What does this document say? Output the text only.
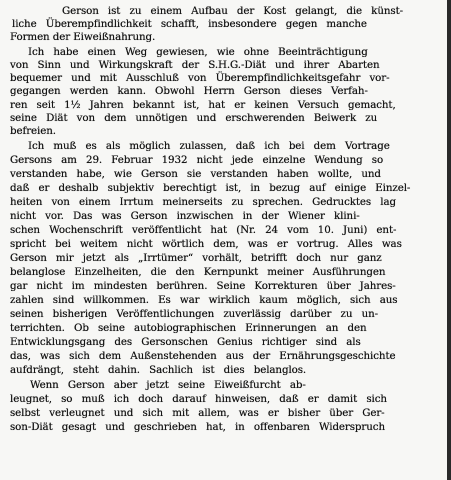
Gerson ist zu einem Aufbau der Kost gelangt, die künst-
liche Überempfindlichkeit schafft, insbesondere gegen manche
Formen der Eiweißnahrung.
Ich habe einen Weg gewiesen, wie ohne Beeinträchtigung
von Sinn und Wirkungskraft der S.H.G.-Diät und ihrer Abarten
bequemer und mit Ausschluß von Überempfindlichkeitsgefahr vor-
gegangen werden kann. Obwohl Herrn Gerson dieses Verfah-
ren seit 1½ Jahren bekannt ist, hat er keinen Versuch gemacht,
seine Diät von dem unnötigen und erschwerenden Beiwerk zu
befreien.
Ich muß es als möglich zulassen, daß ich bei dem Vortrage
Gersons am 29. Februar 1932 nicht jede einzelne Wendung so
verstanden habe, wie Gerson sie verstanden haben wollte, und
daß er deshalb subjektiv berechtigt ist, in bezug auf einige Einzel-
heiten von einem Irrtum meinerseits zu sprechen. Gedrucktes lag
nicht vor. Das was Gerson inzwischen in der Wiener klini-
schen Wochenschrift veröffentlicht hat (Nr. 24 vom 10. Juni) ent-
spricht bei weitem nicht wörtlich dem, was er vortrug. Alles was
Gerson mir jetzt als „Irrtümer“ vorhält, betrifft doch nur ganz
belanglose Einzelheiten, die den Kernpunkt meiner Ausführungen
gar nicht im mindesten berühren. Seine Korrekturen über Jahres-
zahlen sind willkommen. Es war wirklich kaum möglich, sich aus
seinen bisherigen Veröffentlichungen zuverlässig darüber zu un-
terrichten. Ob seine autobiographischen Erinnerungen an den
Entwicklungsgang des Gersonschen Genius richtiger sind als
das, was sich dem Außenstehenden aus der Ernährungsgeschichte
aufdrängt, steht dahin. Sachlich ist dies belanglos.
Wenn Gerson aber jetzt seine Eiweißfurcht ab-
leugnet, so muß ich doch darauf hinweisen, daß er damit sich
selbst verleugnet und sich mit allem, was er bisher über Ger-
son-Diät gesagt und geschrieben hat, in offenbaren Widerspruch
